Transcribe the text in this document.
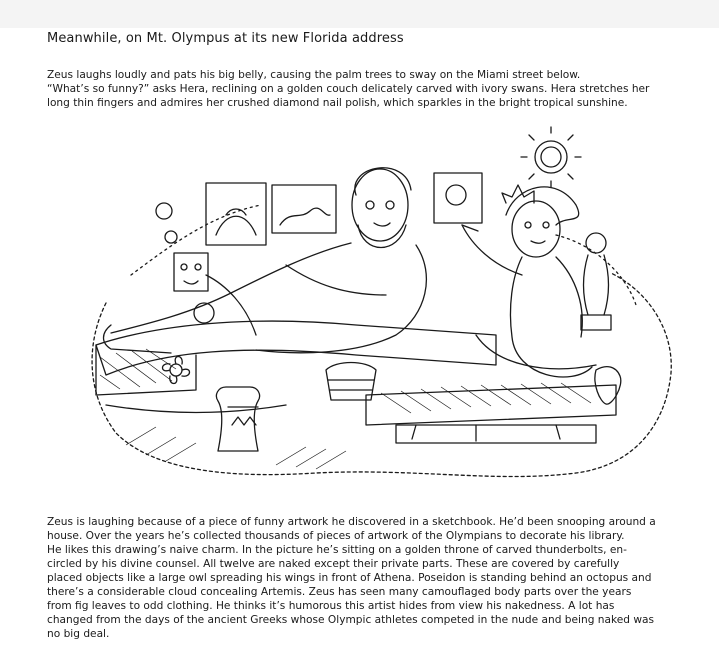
Meanwhile, on Mt. Olympus at its new Florida address

Zeus laughs loudly and pats his big belly, causing the palm trees to sway on the Miami street below.

“What’s so funny?” asks Hera, reclining on a golden couch delicately carved with ivory swans. Hera stretches her

long thin fingers and admires her crushed diamond nail polish, which sparkles in the bright tropical sunshine.

Zeus is laughing because of a piece of funny artwork he discovered in a sketchbook. He’d been snooping around a

house. Over the years he’s collected thousands of pieces of artwork of the Olympians to decorate his library.

He likes this drawing’s naive charm. In the picture he’s sitting on a golden throne of carved thunderbolts, en-

circled by his divine counsel. All twelve are naked except their private parts. These are covered by carefully

placed objects like a large owl spreading his wings in front of Athena. Poseidon is standing behind an octopus and

there’s a considerable cloud concealing Artemis. Zeus has seen many camouflaged body parts over the years

from fig leaves to odd clothing. He thinks it’s humorous this artist hides from view his nakedness. A lot has

changed from the days of the ancient Greeks whose Olympic athletes competed in the nude and being naked was

no big deal.
